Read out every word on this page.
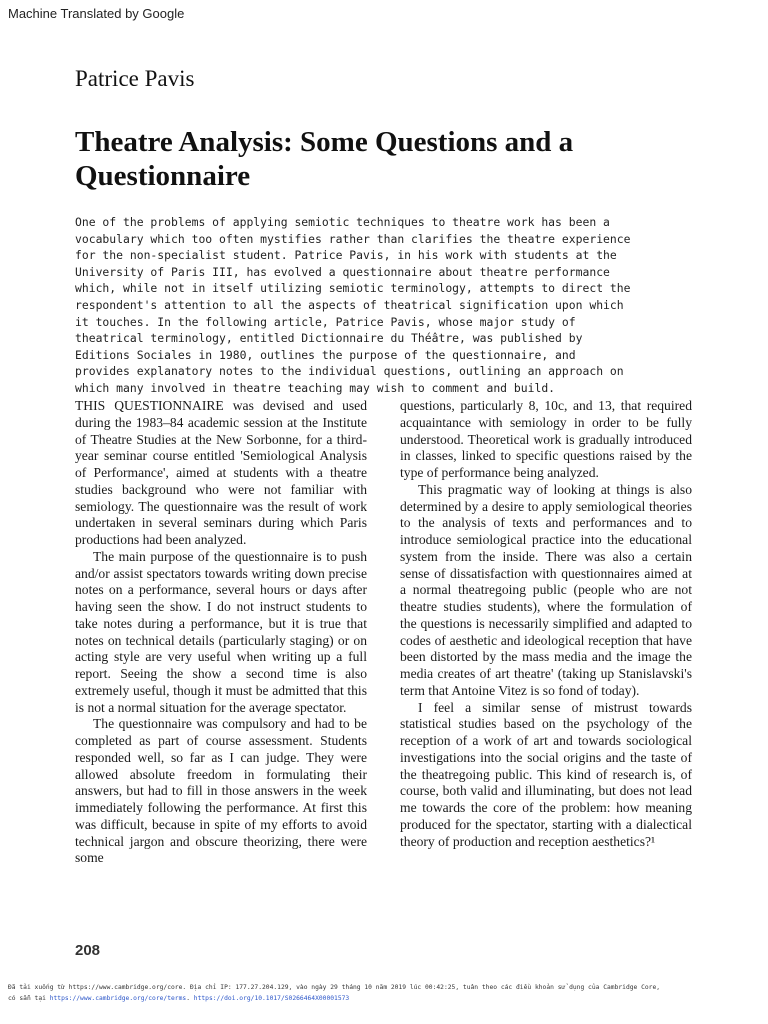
Machine Translated by Google
Patrice Pavis
Theatre Analysis: Some Questions and a Questionnaire
One of the problems of applying semiotic techniques to theatre work has been a vocabulary which too often mystifies rather than clarifies the theatre experience for the non-specialist student. Patrice Pavis, in his work with students at the University of Paris III, has evolved a questionnaire about theatre performance which, while not in itself utilizing semiotic terminology, attempts to direct the respondent's attention to all the aspects of theatrical signification upon which it touches. In the following article, Patrice Pavis, whose major study of theatrical terminology, entitled Dictionnaire du Théâtre, was published by Editions Sociales in 1980, outlines the purpose of the questionnaire, and provides explanatory notes to the individual questions, outlining an approach on which many involved in theatre teaching may wish to comment and build.

THIS QUESTIONNAIRE was devised and used during the 1983–84 academic session at the Institute of Theatre Studies at the New Sorbonne, for a third-year seminar course entitled 'Semiological Analysis of Performance', aimed at students with a theatre studies background who were not familiar with semiology. The questionnaire was the result of work undertaken in several seminars during which Paris productions had been analyzed.

The main purpose of the questionnaire is to push and/or assist spectators towards writing down precise notes on a performance, several hours or days after having seen the show. I do not instruct students to take notes during a performance, but it is true that notes on technical details (particularly staging) or on acting style are very useful when writing up a full report. Seeing the show a second time is also extremely useful, though it must be admitted that this is not a normal situation for the average spectator.

The questionnaire was compulsory and had to be completed as part of course assessment. Students responded well, so far as I can judge. They were allowed absolute freedom in formulating their answers, but had to fill in those answers in the week immediately following the performance. At first this was difficult, because in spite of my efforts to avoid technical jargon and obscure theorizing, there were some

questions, particularly 8, 10c, and 13, that required acquaintance with semiology in order to be fully understood. Theoretical work is gradually introduced in classes, linked to specific questions raised by the type of performance being analyzed.

This pragmatic way of looking at things is also determined by a desire to apply semiological theories to the analysis of texts and performances and to introduce semiological practice into the educational system from the inside. There was also a certain sense of dissatisfaction with questionnaires aimed at a normal theatregoing public (people who are not theatre studies students), where the formulation of the questions is necessarily simplified and adapted to codes of aesthetic and ideological reception that have been distorted by the mass media and the image the media creates of art theatre' (taking up Stanislavski's term that Antoine Vitez is so fond of today).

I feel a similar sense of mistrust towards statistical studies based on the psychology of the reception of a work of art and towards sociological investigations into the social origins and the taste of the theatregoing public. This kind of research is, of course, both valid and illuminating, but does not lead me towards the core of the problem: how meaning produced for the spectator, starting with a dialectical theory of production and reception aesthetics?¹

208
Đã tải xuống từ https://www.cambridge.org/core. Địa chỉ IP: 177.27.204.129, vào ngày 29 tháng 10 năm 2019 lúc 00:42:25, tuân theo các điều khoản sử dụng của Cambridge Core,
có sẵn tại https://www.cambridge.org/core/terms. https://doi.org/10.1017/S0266464X00001573
